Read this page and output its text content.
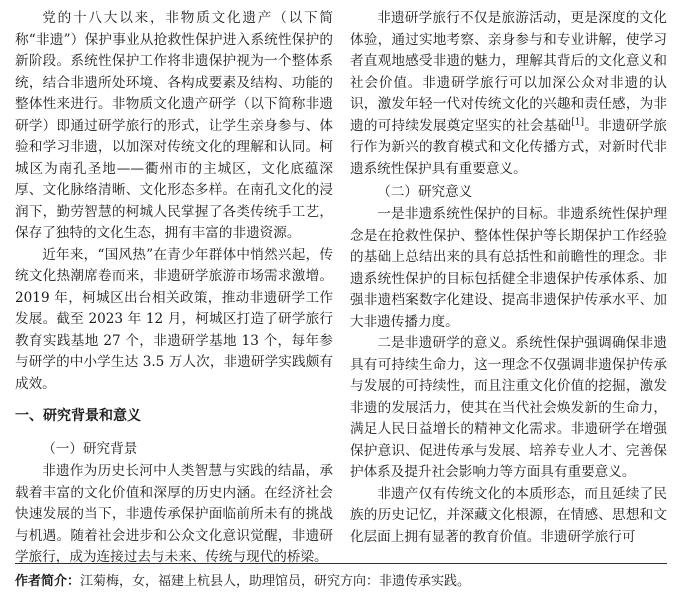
党的十八大以来，非物质文化遗产（以下简称“非遗”）保护事业从抢救性保护进入系统性保护的新阶段。系统性保护工作将非遗保护视为一个整体系统，结合非遗所处环境、各构成要素及结构、功能的整体性来进行。非物质文化遗产研学（以下简称非遗研学）即通过研学旅行的形式，让学生亲身参与、体验和学习非遗，以加深对传统文化的理解和认同。柯城区为南孔圣地——衢州市的主城区，文化底蕴深厚、文化脉络清晰、文化形态多样。在南孔文化的浸润下，勤劳智慧的柯城人民掌握了各类传统手工艺，保存了独特的文化生态，拥有丰富的非遗资源。

近年来，“国风热”在青少年群体中悄然兴起，传统文化热潮席卷而来，非遗研学旅游市场需求激增。2019 年，柯城区出台相关政策，推动非遗研学工作发展。截至 2023 年 12 月，柯城区打造了研学旅行教育实践基地 27 个，非遗研学基地 13 个，每年参与研学的中小学生达 3.5 万人次，非遗研学实践颇有成效。

一、研究背景和意义

（一）研究背景

非遗作为历史长河中人类智慧与实践的结晶，承载着丰富的文化价值和深厚的历史内涵。在经济社会快速发展的当下，非遗传承保护面临前所未有的挑战与机遇。随着社会进步和公众文化意识觉醒，非遗研学旅行，成为连接过去与未来、传统与现代的桥梁。

非遗研学旅行不仅是旅游活动，更是深度的文化体验，通过实地考察、亲身参与和专业讲解，使学习者直观地感受非遗的魅力，理解其背后的文化意义和社会价值。非遗研学旅行可以加深公众对非遗的认识，激发年轻一代对传统文化的兴趣和责任感，为非遗的可持续发展奠定坚实的社会基础[1]。非遗研学旅行作为新兴的教育模式和文化传播方式，对新时代非遗系统性保护具有重要意义。

（二）研究意义

一是非遗系统性保护的目标。非遗系统性保护理念是在抢救性保护、整体性保护等长期保护工作经验的基础上总结出来的具有总括性和前瞻性的理念。非遗系统性保护的目标包括健全非遗保护传承体系、加强非遗档案数字化建设、提高非遗保护传承水平、加大非遗传播力度。

二是非遗研学的意义。系统性保护强调确保非遗具有可持续生命力，这一理念不仅强调非遗保护传承与发展的可持续性，而且注重文化价值的挖掘，激发非遗的发展活力，使其在当代社会焕发新的生命力，满足人民日益增长的精神文化需求。非遗研学在增强保护意识、促进传承与发展、培养专业人才、完善保护体系及提升社会影响力等方面具有重要意义。

非遗产仅有传统文化的本质形态，而且延续了民族的历史记忆，并深藏文化根源，在情感、思想和文化层面上拥有显著的教育价值。非遗研学旅行可

作者简介：江菊梅，女，福建上杭县人，助理馆员，研究方向：非遗传承实践。
